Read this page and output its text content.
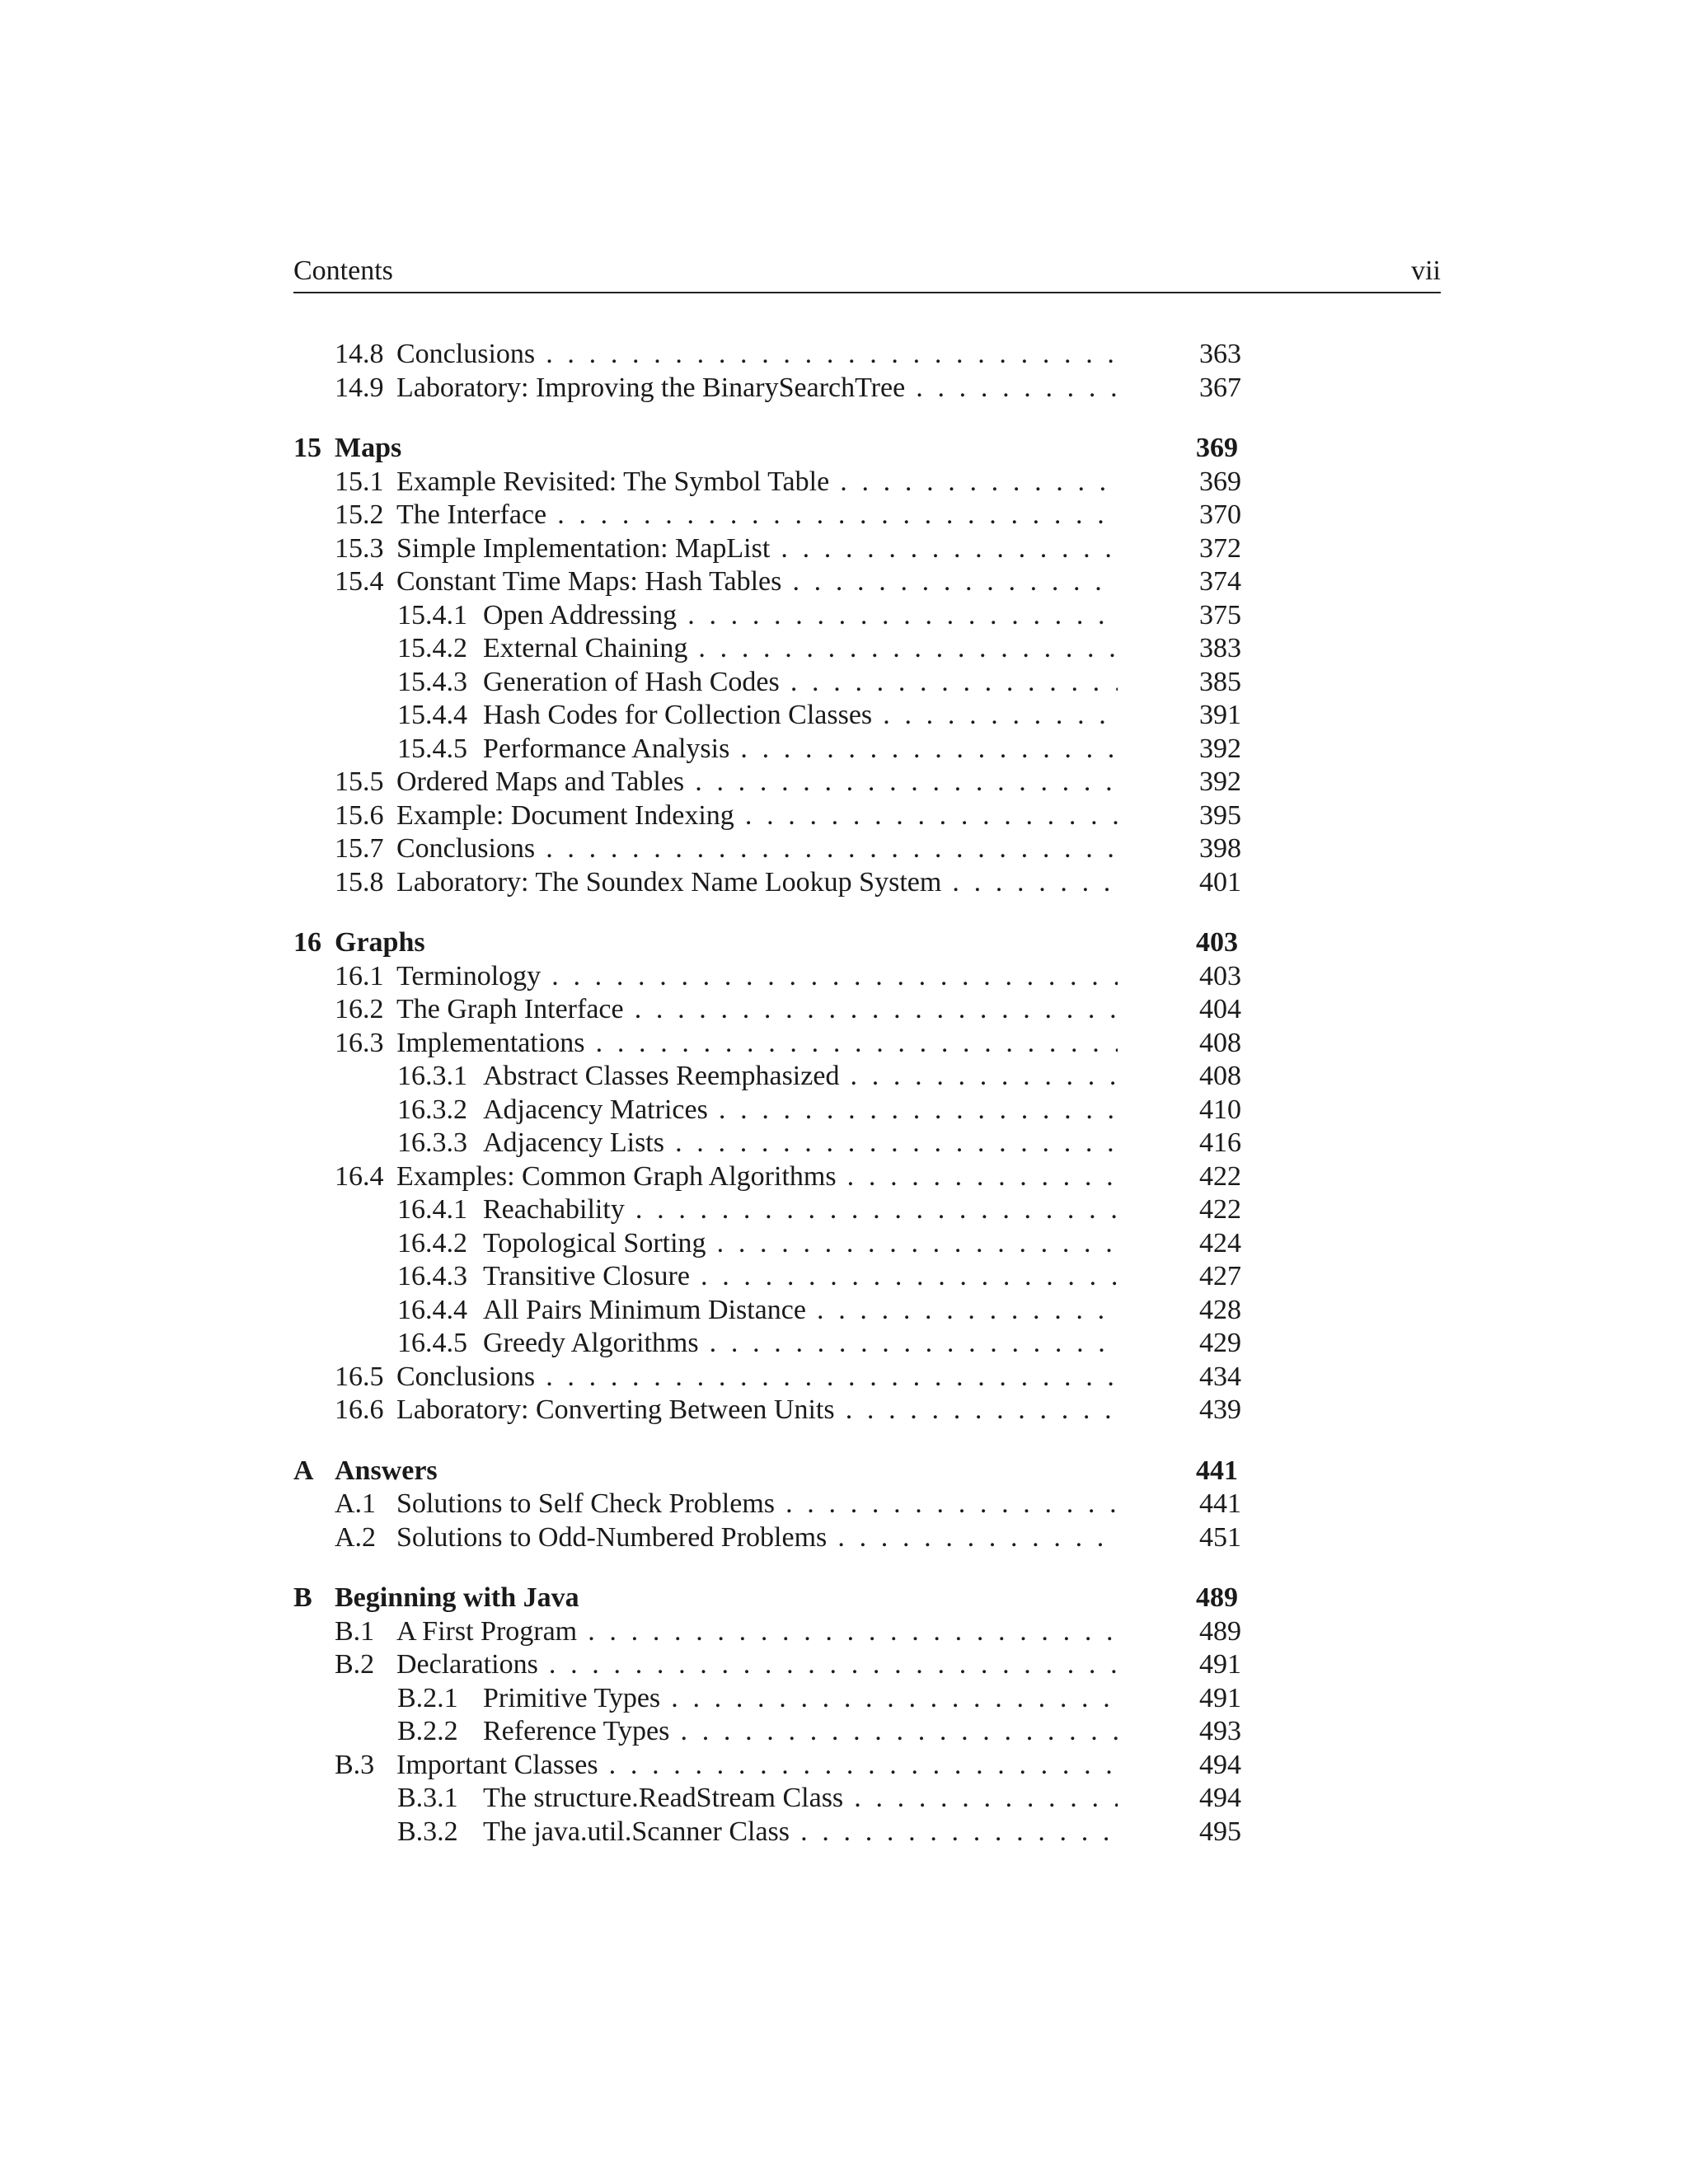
Contents	vii
14.8 Conclusions . . .	363
14.9 Laboratory: Improving the BinarySearchTree . . .	367
15 Maps	369
15.1 Example Revisited: The Symbol Table . . .	369
15.2 The Interface . . .	370
15.3 Simple Implementation: MapList . . .	372
15.4 Constant Time Maps: Hash Tables . . .	374
15.4.1 Open Addressing . . .	375
15.4.2 External Chaining . . .	383
15.4.3 Generation of Hash Codes . . .	385
15.4.4 Hash Codes for Collection Classes . . .	391
15.4.5 Performance Analysis . . .	392
15.5 Ordered Maps and Tables . . .	392
15.6 Example: Document Indexing . . .	395
15.7 Conclusions . . .	398
15.8 Laboratory: The Soundex Name Lookup System . . .	401
16 Graphs	403
16.1 Terminology . . .	403
16.2 The Graph Interface . . .	404
16.3 Implementations . . .	408
16.3.1 Abstract Classes Reemphasized . . .	408
16.3.2 Adjacency Matrices . . .	410
16.3.3 Adjacency Lists . . .	416
16.4 Examples: Common Graph Algorithms . . .	422
16.4.1 Reachability . . .	422
16.4.2 Topological Sorting . . .	424
16.4.3 Transitive Closure . . .	427
16.4.4 All Pairs Minimum Distance . . .	428
16.4.5 Greedy Algorithms . . .	429
16.5 Conclusions . . .	434
16.6 Laboratory: Converting Between Units . . .	439
A Answers	441
A.1 Solutions to Self Check Problems . . .	441
A.2 Solutions to Odd-Numbered Problems . . .	451
B Beginning with Java	489
B.1 A First Program . . .	489
B.2 Declarations . . .	491
B.2.1 Primitive Types . . .	491
B.2.2 Reference Types . . .	493
B.3 Important Classes . . .	494
B.3.1 The structure.ReadStream Class . . .	494
B.3.2 The java.util.Scanner Class . . .	495
